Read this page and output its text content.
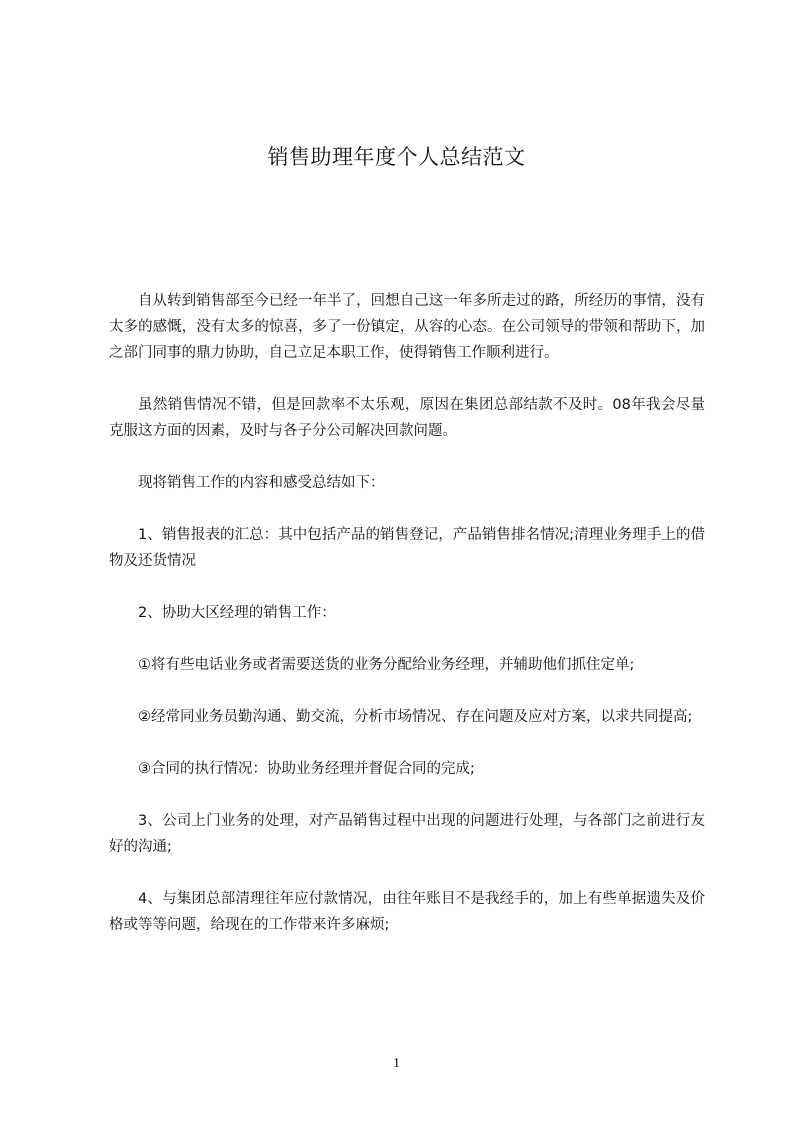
销售助理年度个人总结范文

自从转到销售部至今已经一年半了，回想自己这一年多所走过的路，所经历的事情，没有太多的感慨，没有太多的惊喜，多了一份镇定，从容的心态。在公司领导的带领和帮助下，加之部门同事的鼎力协助，自己立足本职工作，使得销售工作顺利进行。

虽然销售情况不错，但是回款率不太乐观，原因在集团总部结款不及时。08年我会尽量克服这方面的因素，及时与各子分公司解决回款问题。

现将销售工作的内容和感受总结如下：

1、销售报表的汇总：其中包括产品的销售登记，产品销售排名情况;清理业务理手上的借物及还货情况

2、协助大区经理的销售工作：

①将有些电话业务或者需要送货的业务分配给业务经理，并辅助他们抓住定单;

②经常同业务员勤沟通、勤交流，分析市场情况、存在问题及应对方案，以求共同提高;

③合同的执行情况：协助业务经理并督促合同的完成;

3、公司上门业务的处理，对产品销售过程中出现的问题进行处理，与各部门之前进行友好的沟通;

4、与集团总部清理往年应付款情况，由往年账目不是我经手的，加上有些单据遗失及价格或等等问题，给现在的工作带来许多麻烦;

1
